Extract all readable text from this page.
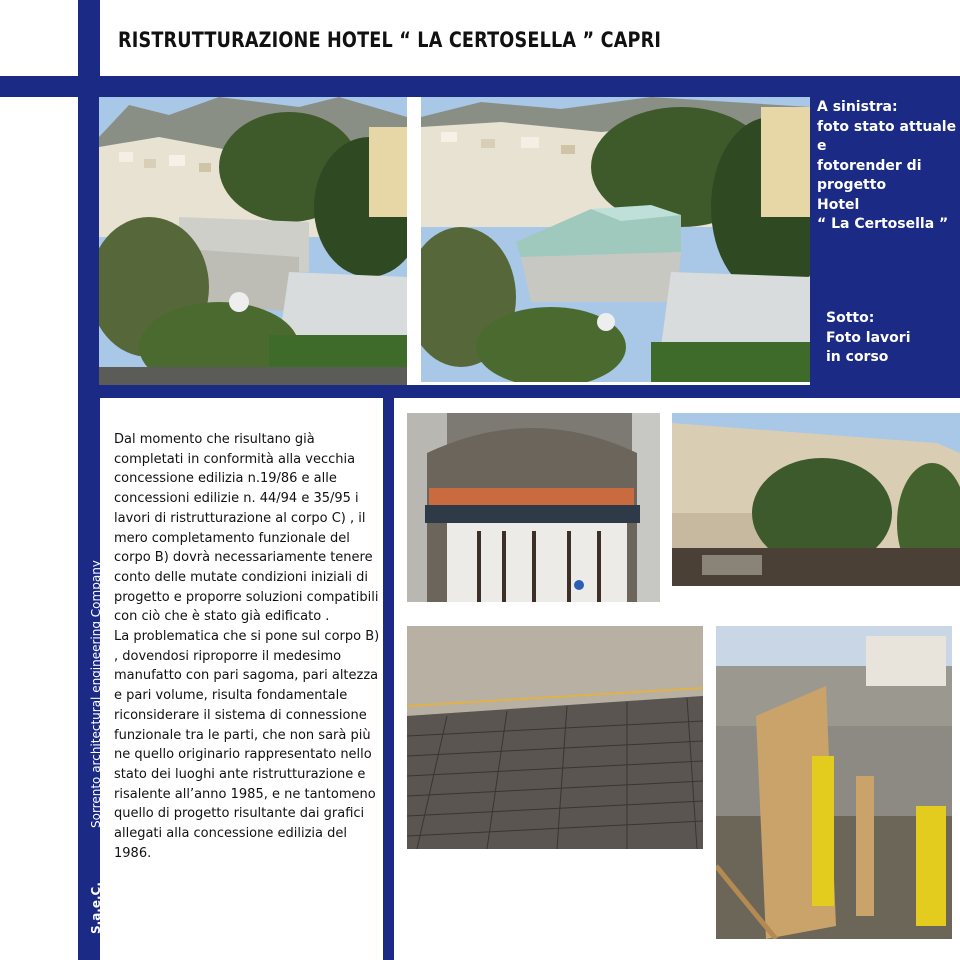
RISTRUTTURAZIONE HOTEL “ LA CERTOSELLA ” CAPRI
Sorrento architectural engineering Company
S.a.e.C.
A sinistra:
foto stato attuale
e
fotorender di
progetto
Hotel
“ La Certosella ”
Sotto:
Foto lavori
in corso

Dal momento che risultano già completati in conformità alla vecchia concessione edilizia n.19/86 e alle concessioni edilizie n. 44/94 e 35/95 i lavori di ristrutturazione al corpo C) , il mero completamento funzionale del corpo B) dovrà necessariamente tenere conto delle mutate condizioni iniziali di progetto e proporre soluzioni compatibili con ciò che è stato già edificato .

La problematica che si pone sul corpo B) , dovendosi riproporre il medesimo manufatto con pari sagoma, pari altezza e pari volume, risulta fondamentale riconsiderare il sistema di connessione funzionale tra le parti, che non sarà più ne quello originario rappresentato nello stato dei luoghi ante ristrutturazione e risalente all’anno 1985, e ne tantomeno quello di progetto risultante dai grafici allegati alla concessione edilizia del 1986.
